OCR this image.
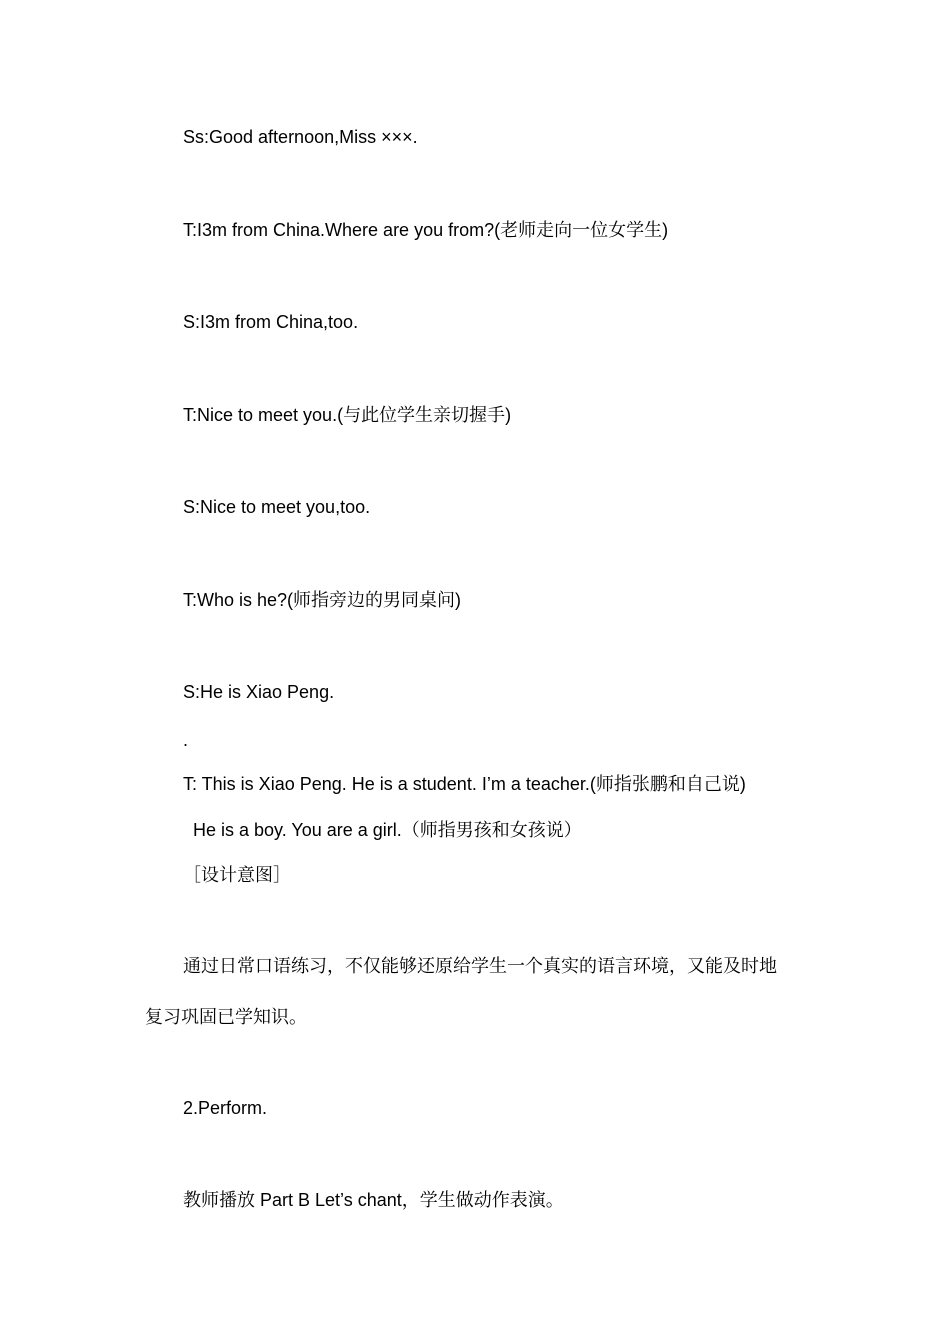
Ss:Good afternoon,Miss ×××.
T:I3m from China.Where are you from?(老师走向一位女学生)
S:I3m from China,too.
T:Nice to meet you.(与此位学生亲切握手)
S:Nice to meet you,too.
T:Who is he?(师指旁边的男同桌问)
S:He is Xiao Peng.
.
T: This is Xiao Peng. He is a student. I’m a teacher.(师指张鹏和自己说)
He is a boy. You are a girl.（师指男孩和女孩说）
［设计意图］
通过日常口语练习，不仅能够还原给学生一个真实的语言环境，又能及时地
复习巩固已学知识。
2.Perform.
教师播放 Part B Let’s chant，学生做动作表演。
